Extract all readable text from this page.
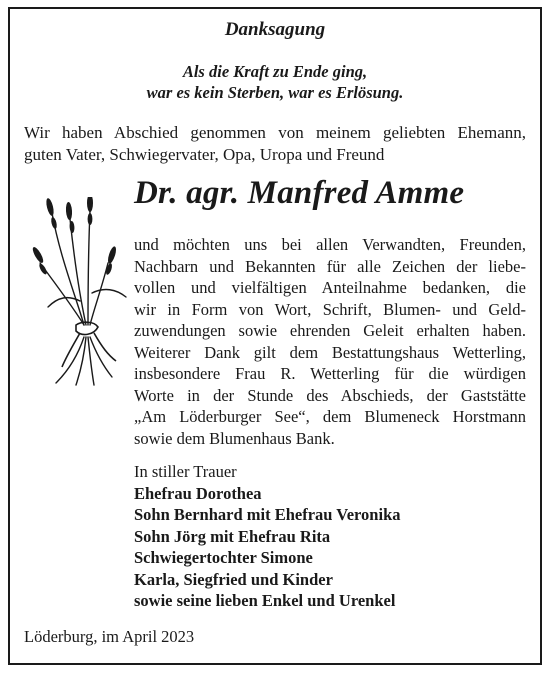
Danksagung
Als die Kraft zu Ende ging,
war es kein Sterben, war es Erlösung.
Wir haben Abschied genommen von meinem geliebten Ehemann,
guten Vater, Schwiegervater, Opa, Uropa und Freund
Dr. agr. Manfred Amme
und möchten uns bei allen Verwandten, Freunden,
Nachbarn und Bekannten für alle Zeichen der liebe-
vollen und vielfältigen Anteilnahme bedanken, die
wir in Form von Wort, Schrift, Blumen- und Geld-
zuwendungen sowie ehrenden Geleit erhalten haben.
Weiterer Dank gilt dem Bestattungshaus Wetterling,
insbesondere Frau R. Wetterling für die würdigen
Worte in der Stunde des Abschieds, der Gaststätte
„Am Löderburger See“, dem Blumeneck Horstmann
sowie dem Blumenhaus Bank.
In stiller Trauer
Ehefrau Dorothea
Sohn Bernhard mit Ehefrau Veronika
Sohn Jörg mit Ehefrau Rita
Schwiegertochter Simone
Karla, Siegfried und Kinder
sowie seine lieben Enkel und Urenkel
Löderburg, im April 2023
